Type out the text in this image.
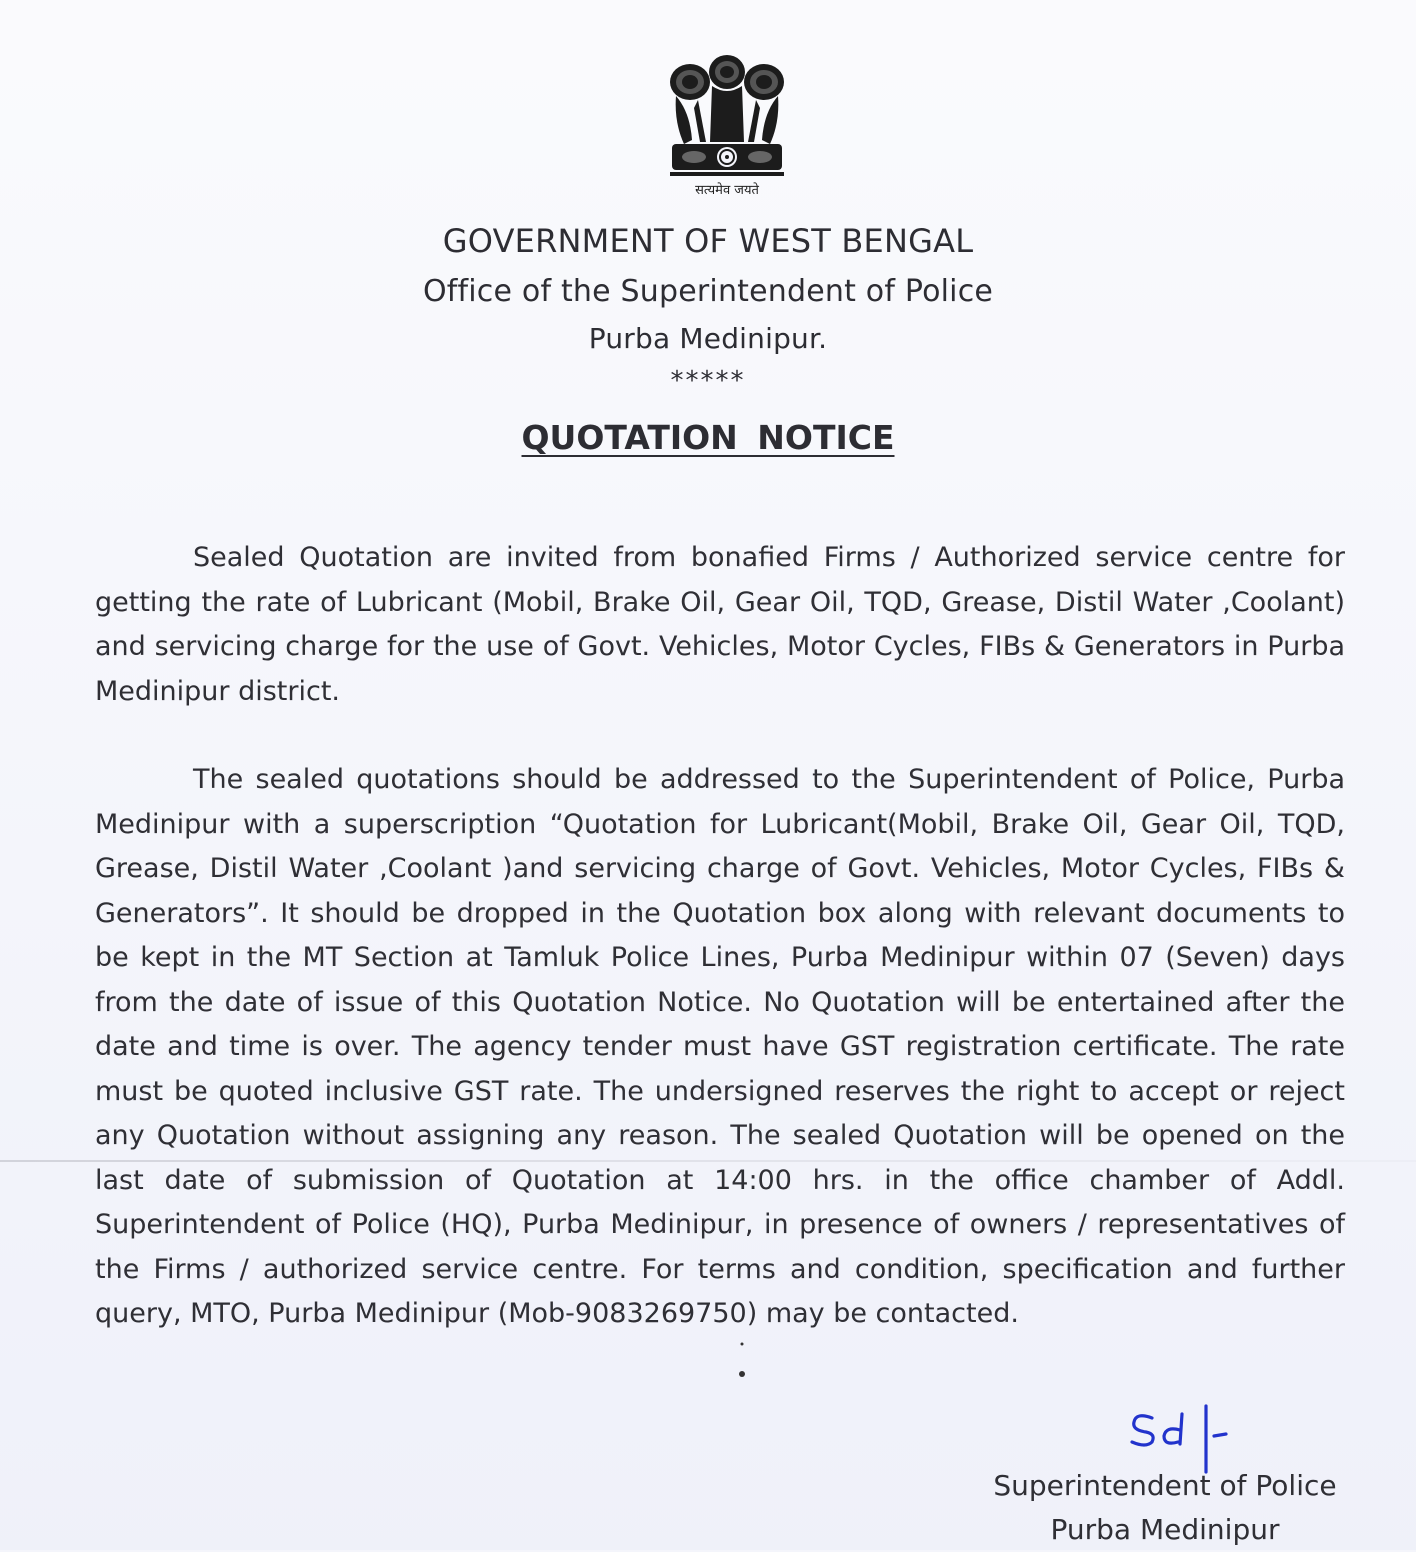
सत्यमेव जयते
GOVERNMENT OF WEST BENGAL
Office of the Superintendent of Police
Purba Medinipur.
*****
QUOTATION NOTICE

Sealed Quotation are invited from bonafied Firms / Authorized service centre for getting the rate of Lubricant (Mobil, Brake Oil, Gear Oil, TQD, Grease, Distil Water ,Coolant) and servicing charge for the use of Govt. Vehicles, Motor Cycles, FIBs & Generators in Purba Medinipur district.

The sealed quotations should be addressed to the Superintendent of Police, Purba Medinipur with a superscription “Quotation for Lubricant(Mobil, Brake Oil, Gear Oil, TQD, Grease, Distil Water ,Coolant )and servicing charge of Govt. Vehicles, Motor Cycles, FIBs & Generators”. It should be dropped in the Quotation box along with relevant documents to be kept in the MT Section at Tamluk Police Lines, Purba Medinipur within 07 (Seven) days from the date of issue of this Quotation Notice. No Quotation will be entertained after the date and time is over. The agency tender must have GST registration certificate. The rate must be quoted inclusive GST rate. The undersigned reserves the right to accept or reject any Quotation without assigning any reason. The sealed Quotation will be opened on the last date of submission of Quotation at 14:00 hrs. in the office chamber of Addl. Superintendent of Police (HQ), Purba Medinipur, in presence of owners / representatives of the Firms / authorized service centre. For terms and condition, specification and further query, MTO, Purba Medinipur (Mob-9083269750) may be contacted.

Superintendent of Police
Purba Medinipur
